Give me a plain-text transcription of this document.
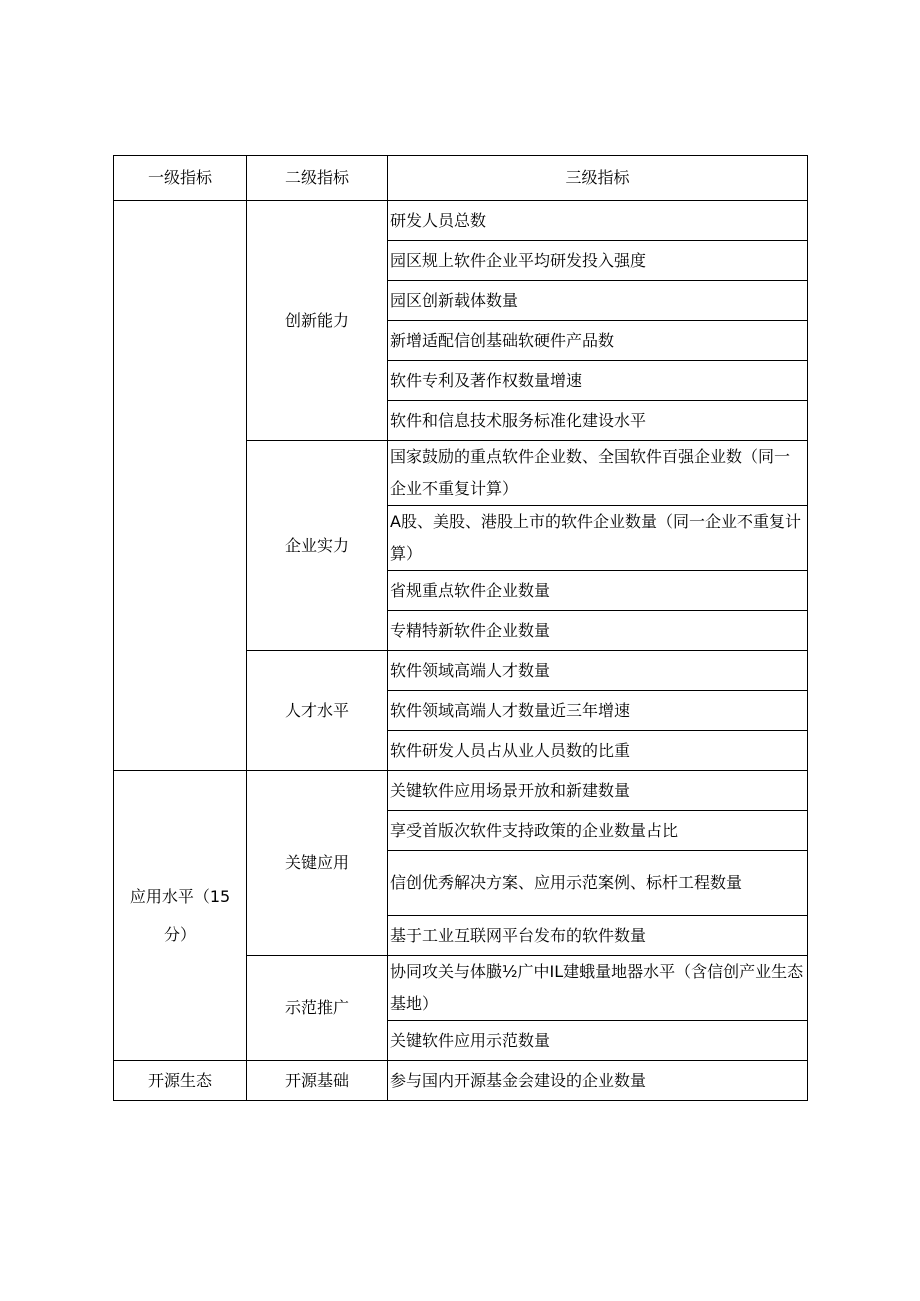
一级指标	二级指标	三级指标
	创新能力	研发人员总数
		园区规上软件企业平均研发投入强度
		园区创新载体数量
		新增适配信创基础软硬件产品数
		软件专利及著作权数量增速
		软件和信息技术服务标准化建设水平
	企业实力	国家鼓励的重点软件企业数、全国软件百强企业数（同一企业不重复计算）
		A股、美股、港股上市的软件企业数量（同一企业不重复计算）
		省规重点软件企业数量
		专精特新软件企业数量
	人才水平	软件领域高端人才数量
		软件领域高端人才数量近三年增速
		软件研发人员占从业人员数的比重
应用水平（15分）	关键应用	关键软件应用场景开放和新建数量
		享受首版次软件支持政策的企业数量占比
		信创优秀解决方案、应用示范案例、标杆工程数量
		基于工业互联网平台发布的软件数量
	示范推广	协同攻关与体臌½广中IL建蛾量地器水平（含信创产业生态基地）
		关键软件应用示范数量
开源生态	开源基础	参与国内开源基金会建设的企业数量
